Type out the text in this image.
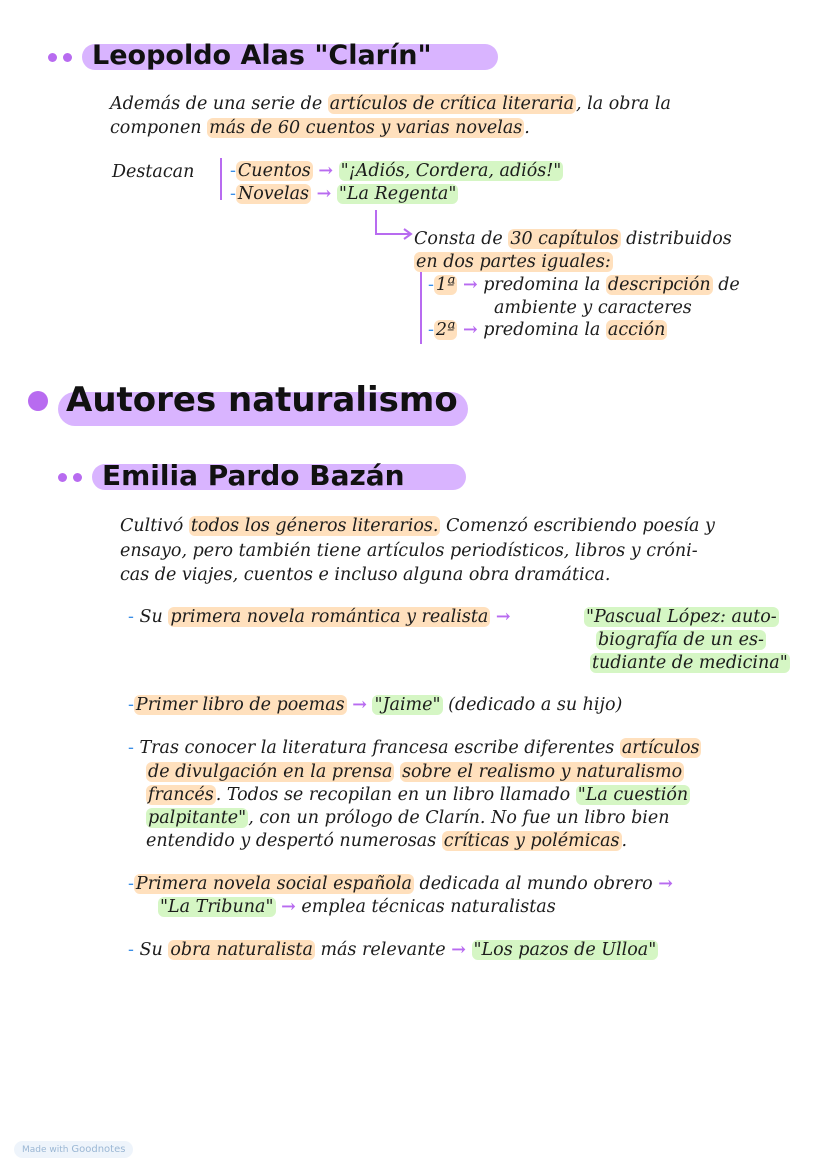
Leopoldo Alas "Clarín"
Además de una serie de artículos de crítica literaria , la obra la
componen más de 60 cuentos y varias novelas .
Destacan - Cuentos → "¡Adiós, Cordera, adiós!"
- Novelas → "La Regenta"
Consta de 30 capítulos distribuidos
en dos partes iguales:
- 1ª → predomina la descripción de
ambiente y caracteres
- 2ª → predomina la acción
Autores naturalismo
Emilia Pardo Bazán
Cultivó todos los géneros literarios. Comenzó escribiendo poesía y
ensayo, pero también tiene artículos periodísticos, libros y cróni-
cas de viajes, cuentos e incluso alguna obra dramática.
- Su primera novela romántica y realista →	"Pascual López: auto-
biografía de un es-
tudiante de medicina"
- Primer libro de poemas → "Jaime" (dedicado a su hijo)
- Tras conocer la literatura francesa escribe diferentes artículos
de divulgación en la prensa sobre el realismo y naturalismo
francés . Todos se recopilan en un libro llamado "La cuestión
palpitante" , con un prólogo de Clarín. No fue un libro bien
entendido y despertó numerosas críticas y polémicas .
- Primera novela social española dedicada al mundo obrero →
"La Tribuna" → emplea técnicas naturalistas
- Su obra naturalista más relevante → "Los pazos de Ulloa"
Made with Goodnotes
